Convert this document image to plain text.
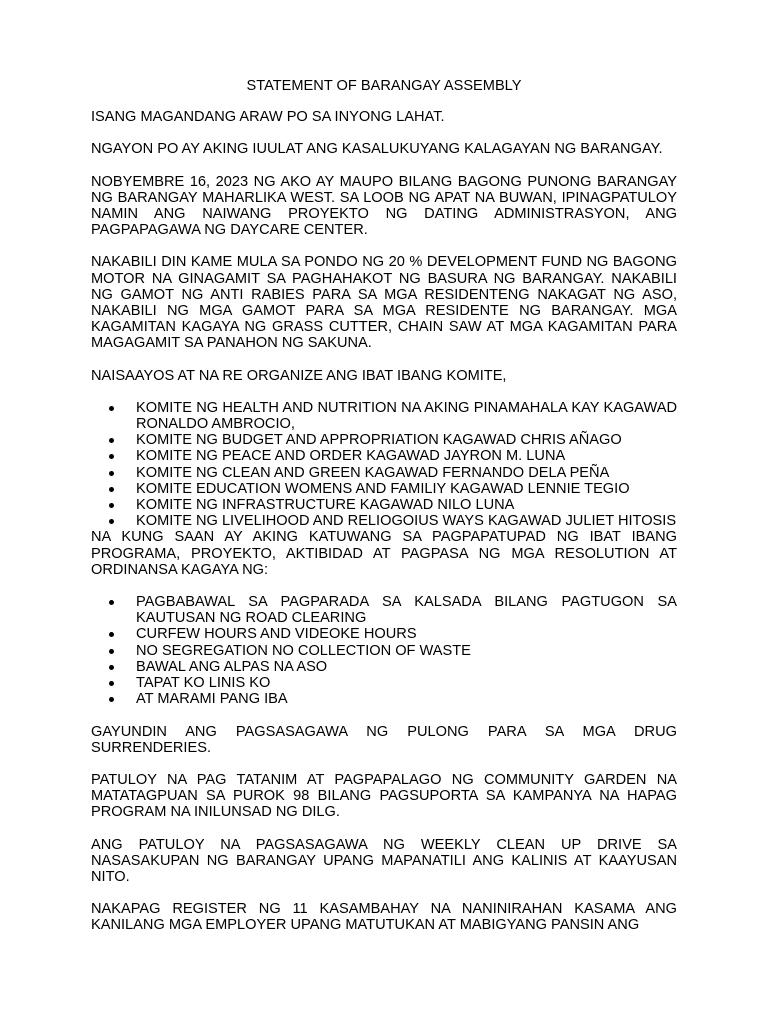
STATEMENT OF BARANGAY ASSEMBLY

ISANG MAGANDANG ARAW PO SA INYONG LAHAT.

NGAYON PO AY AKING IUULAT ANG KASALUKUYANG KALAGAYAN NG BARANGAY.

NOBYEMBRE 16, 2023 NG AKO AY MAUPO BILANG BAGONG PUNONG BARANGAY NG BARANGAY MAHARLIKA WEST. SA LOOB NG APAT NA BUWAN, IPINAGPATULOY NAMIN ANG NAIWANG PROYEKTO NG DATING ADMINISTRASYON, ANG PAGPAPAGAWA NG DAYCARE CENTER.

NAKABILI DIN KAME MULA SA PONDO NG 20 % DEVELOPMENT FUND NG BAGONG MOTOR NA GINAGAMIT SA PAGHAHAKOT NG BASURA NG BARANGAY. NAKABILI NG GAMOT NG ANTI RABIES PARA SA MGA RESIDENTENG NAKAGAT NG ASO, NAKABILI NG MGA GAMOT PARA SA MGA RESIDENTE NG BARANGAY. MGA KAGAMITAN KAGAYA NG GRASS CUTTER, CHAIN SAW AT MGA KAGAMITAN PARA MAGAGAMIT SA PANAHON NG SAKUNA.

NAISAAYOS AT NA RE ORGANIZE ANG IBAT IBANG KOMITE,

KOMITE NG HEALTH AND NUTRITION NA AKING PINAMAHALA KAY KAGAWAD RONALDO AMBROCIO,
KOMITE NG BUDGET AND APPROPRIATION KAGAWAD CHRIS AÑAGO
KOMITE NG PEACE AND ORDER KAGAWAD JAYRON M. LUNA
KOMITE NG CLEAN AND GREEN KAGAWAD FERNANDO DELA PEÑA
KOMITE EDUCATION WOMENS AND FAMILIY KAGAWAD LENNIE TEGIO
KOMITE NG INFRASTRUCTURE KAGAWAD NILO LUNA
KOMITE NG LIVELIHOOD AND RELIOGOIUS WAYS KAGAWAD JULIET HITOSIS

NA KUNG SAAN AY AKING KATUWANG SA PAGPAPATUPAD NG IBAT IBANG PROGRAMA, PROYEKTO, AKTIBIDAD AT PAGPASA NG MGA RESOLUTION AT ORDINANSA KAGAYA NG:

PAGBABAWAL SA PAGPARADA SA KALSADA BILANG PAGTUGON SA KAUTUSAN NG ROAD CLEARING
CURFEW HOURS AND VIDEOKE HOURS
NO SEGREGATION NO COLLECTION OF WASTE
BAWAL ANG ALPAS NA ASO
TAPAT KO LINIS KO
AT MARAMI PANG IBA

GAYUNDIN ANG PAGSASAGAWA NG PULONG PARA SA MGA DRUG SURRENDERIES.

PATULOY NA PAG TATANIM AT PAGPAPALAGO NG COMMUNITY GARDEN NA MATATAGPUAN SA PUROK 98 BILANG PAGSUPORTA SA KAMPANYA NA HAPAG PROGRAM NA INILUNSAD NG DILG.

ANG PATULOY NA PAGSASAGAWA NG WEEKLY CLEAN UP DRIVE SA NASASAKUPAN NG BARANGAY UPANG MAPANATILI ANG KALINIS AT KAAYUSAN NITO.

NAKAPAG REGISTER NG 11 KASAMBAHAY NA NANINIRAHAN KASAMA ANG KANILANG MGA EMPLOYER UPANG MATUTUKAN AT MABIGYANG PANSIN ANG
